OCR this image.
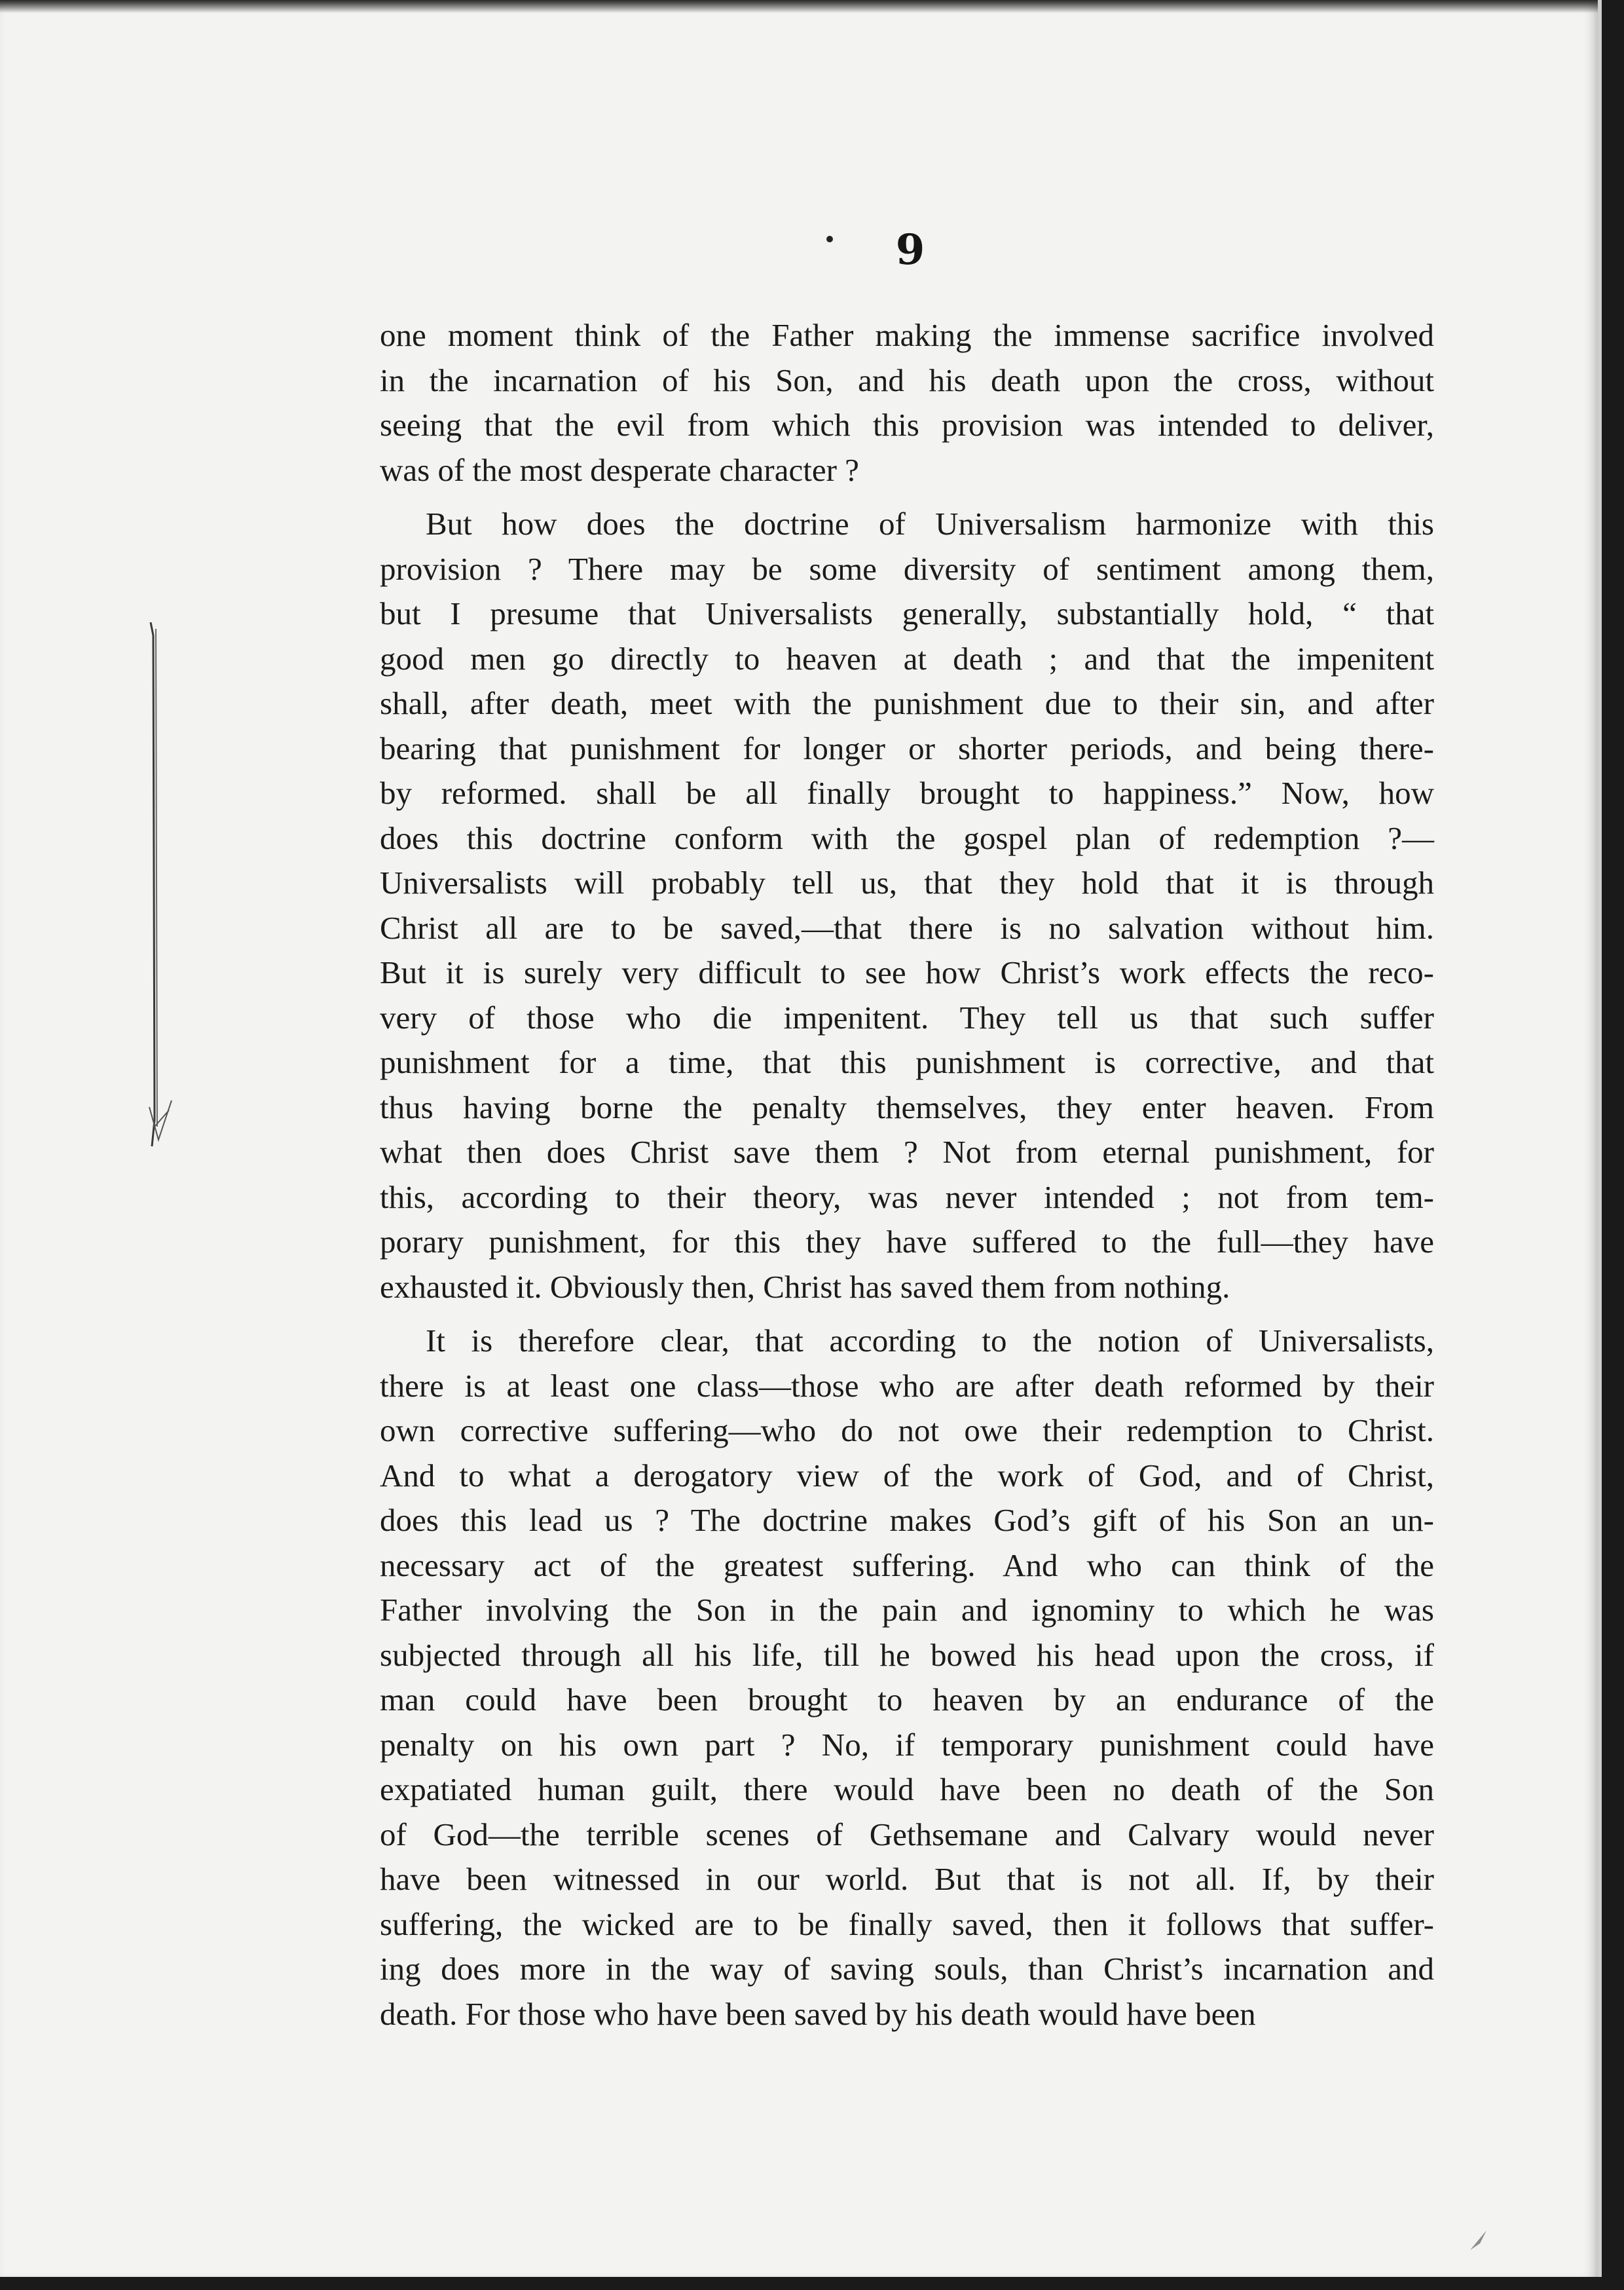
9
one moment think of the Father making the immense sacrifice involved
in the incarnation of his Son, and his death upon the cross, without
seeing that the evil from which this provision was intended to deliver,
was of the most desperate character ?
But how does the doctrine of Universalism harmonize with this
provision ? There may be some diversity of sentiment among them,
but I presume that Universalists generally, substantially hold, “ that
good men go directly to heaven at death ; and that the impenitent
shall, after death, meet with the punishment due to their sin, and after
bearing that punishment for longer or shorter periods, and being there-
by reformed. shall be all finally brought to happiness.” Now, how
does this doctrine conform with the gospel plan of redemption ?—
Universalists will probably tell us, that they hold that it is through
Christ all are to be saved,—that there is no salvation without him.
But it is surely very difficult to see how Christ’s work effects the reco-
very of those who die impenitent. They tell us that such suffer
punishment for a time, that this punishment is corrective, and that
thus having borne the penalty themselves, they enter heaven. From
what then does Christ save them ? Not from eternal punishment, for
this, according to their theory, was never intended ; not from tem-
porary punishment, for this they have suffered to the full—they have
exhausted it. Obviously then, Christ has saved them from nothing.
It is therefore clear, that according to the notion of Universalists,
there is at least one class—those who are after death reformed by their
own corrective suffering—who do not owe their redemption to Christ.
And to what a derogatory view of the work of God, and of Christ,
does this lead us ? The doctrine makes God’s gift of his Son an un-
necessary act of the greatest suffering. And who can think of the
Father involving the Son in the pain and ignominy to which he was
subjected through all his life, till he bowed his head upon the cross, if
man could have been brought to heaven by an endurance of the
penalty on his own part ? No, if temporary punishment could have
expatiated human guilt, there would have been no death of the Son
of God—the terrible scenes of Gethsemane and Calvary would never
have been witnessed in our world. But that is not all. If, by their
suffering, the wicked are to be finally saved, then it follows that suffer-
ing does more in the way of saving souls, than Christ’s incarnation and
death. For those who have been saved by his death would have been
